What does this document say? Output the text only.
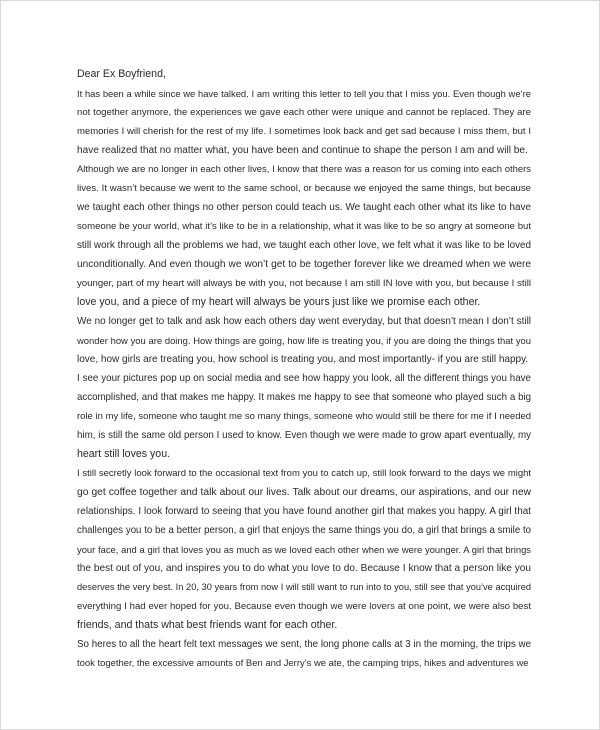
Dear Ex Boyfriend,

It has been a while since we have talked. I am writing this letter to tell you that I miss you. Even though we’re
not together anymore, the experiences we gave each other were unique and cannot be replaced. They are
memories I will cherish for the rest of my life. I sometimes look back and get sad because I miss them, but I
have realized that no matter what, you have been and continue to shape the person I am and will be.

Although we are no longer in each other lives, I know that there was a reason for us coming into each others
lives. It wasn’t because we went to the same school, or because we enjoyed the same things, but because
we taught each other things no other person could teach us. We taught each other what its like to have
someone be your world, what it’s like to be in a relationship, what it was like to be so angry at someone but
still work through all the problems we had, we taught each other love, we felt what it was like to be loved
unconditionally. And even though we won’t get to be together forever like we dreamed when we were
younger, part of my heart will always be with you, not because I am still IN love with you, but because I still
love you, and a piece of my heart will always be yours just like we promise each other.

We no longer get to talk and ask how each others day went everyday, but that doesn’t mean I don’t still
wonder how you are doing. How things are going, how life is treating you, if you are doing the things that you
love, how girls are treating you, how school is treating you, and most importantly- if you are still happy.

I see your pictures pop up on social media and see how happy you look, all the different things you have
accomplished, and that makes me happy. It makes me happy to see that someone who played such a big
role in my life, someone who taught me so many things, someone who would still be there for me if I needed
him, is still the same old person I used to know. Even though we were made to grow apart eventually, my
heart still loves you.

I still secretly look forward to the occasional text from you to catch up, still look forward to the days we might
go get coffee together and talk about our lives. Talk about our dreams, our aspirations, and our new
relationships. I look forward to seeing that you have found another girl that makes you happy. A girl that
challenges you to be a better person, a girl that enjoys the same things you do, a girl that brings a smile to
your face, and a girl that loves you as much as we loved each other when we were younger. A girl that brings
the best out of you, and inspires you to do what you love to do. Because I know that a person like you
deserves the very best. In 20, 30 years from now I will still want to run into to you, still see that you’ve acquired
everything I had ever hoped for you. Because even though we were lovers at one point, we were also best
friends, and thats what best friends want for each other.

So heres to all the heart felt text messages we sent, the long phone calls at 3 in the morning, the trips we
took together, the excessive amounts of Ben and Jerry’s we ate, the camping trips, hikes and adventures we
